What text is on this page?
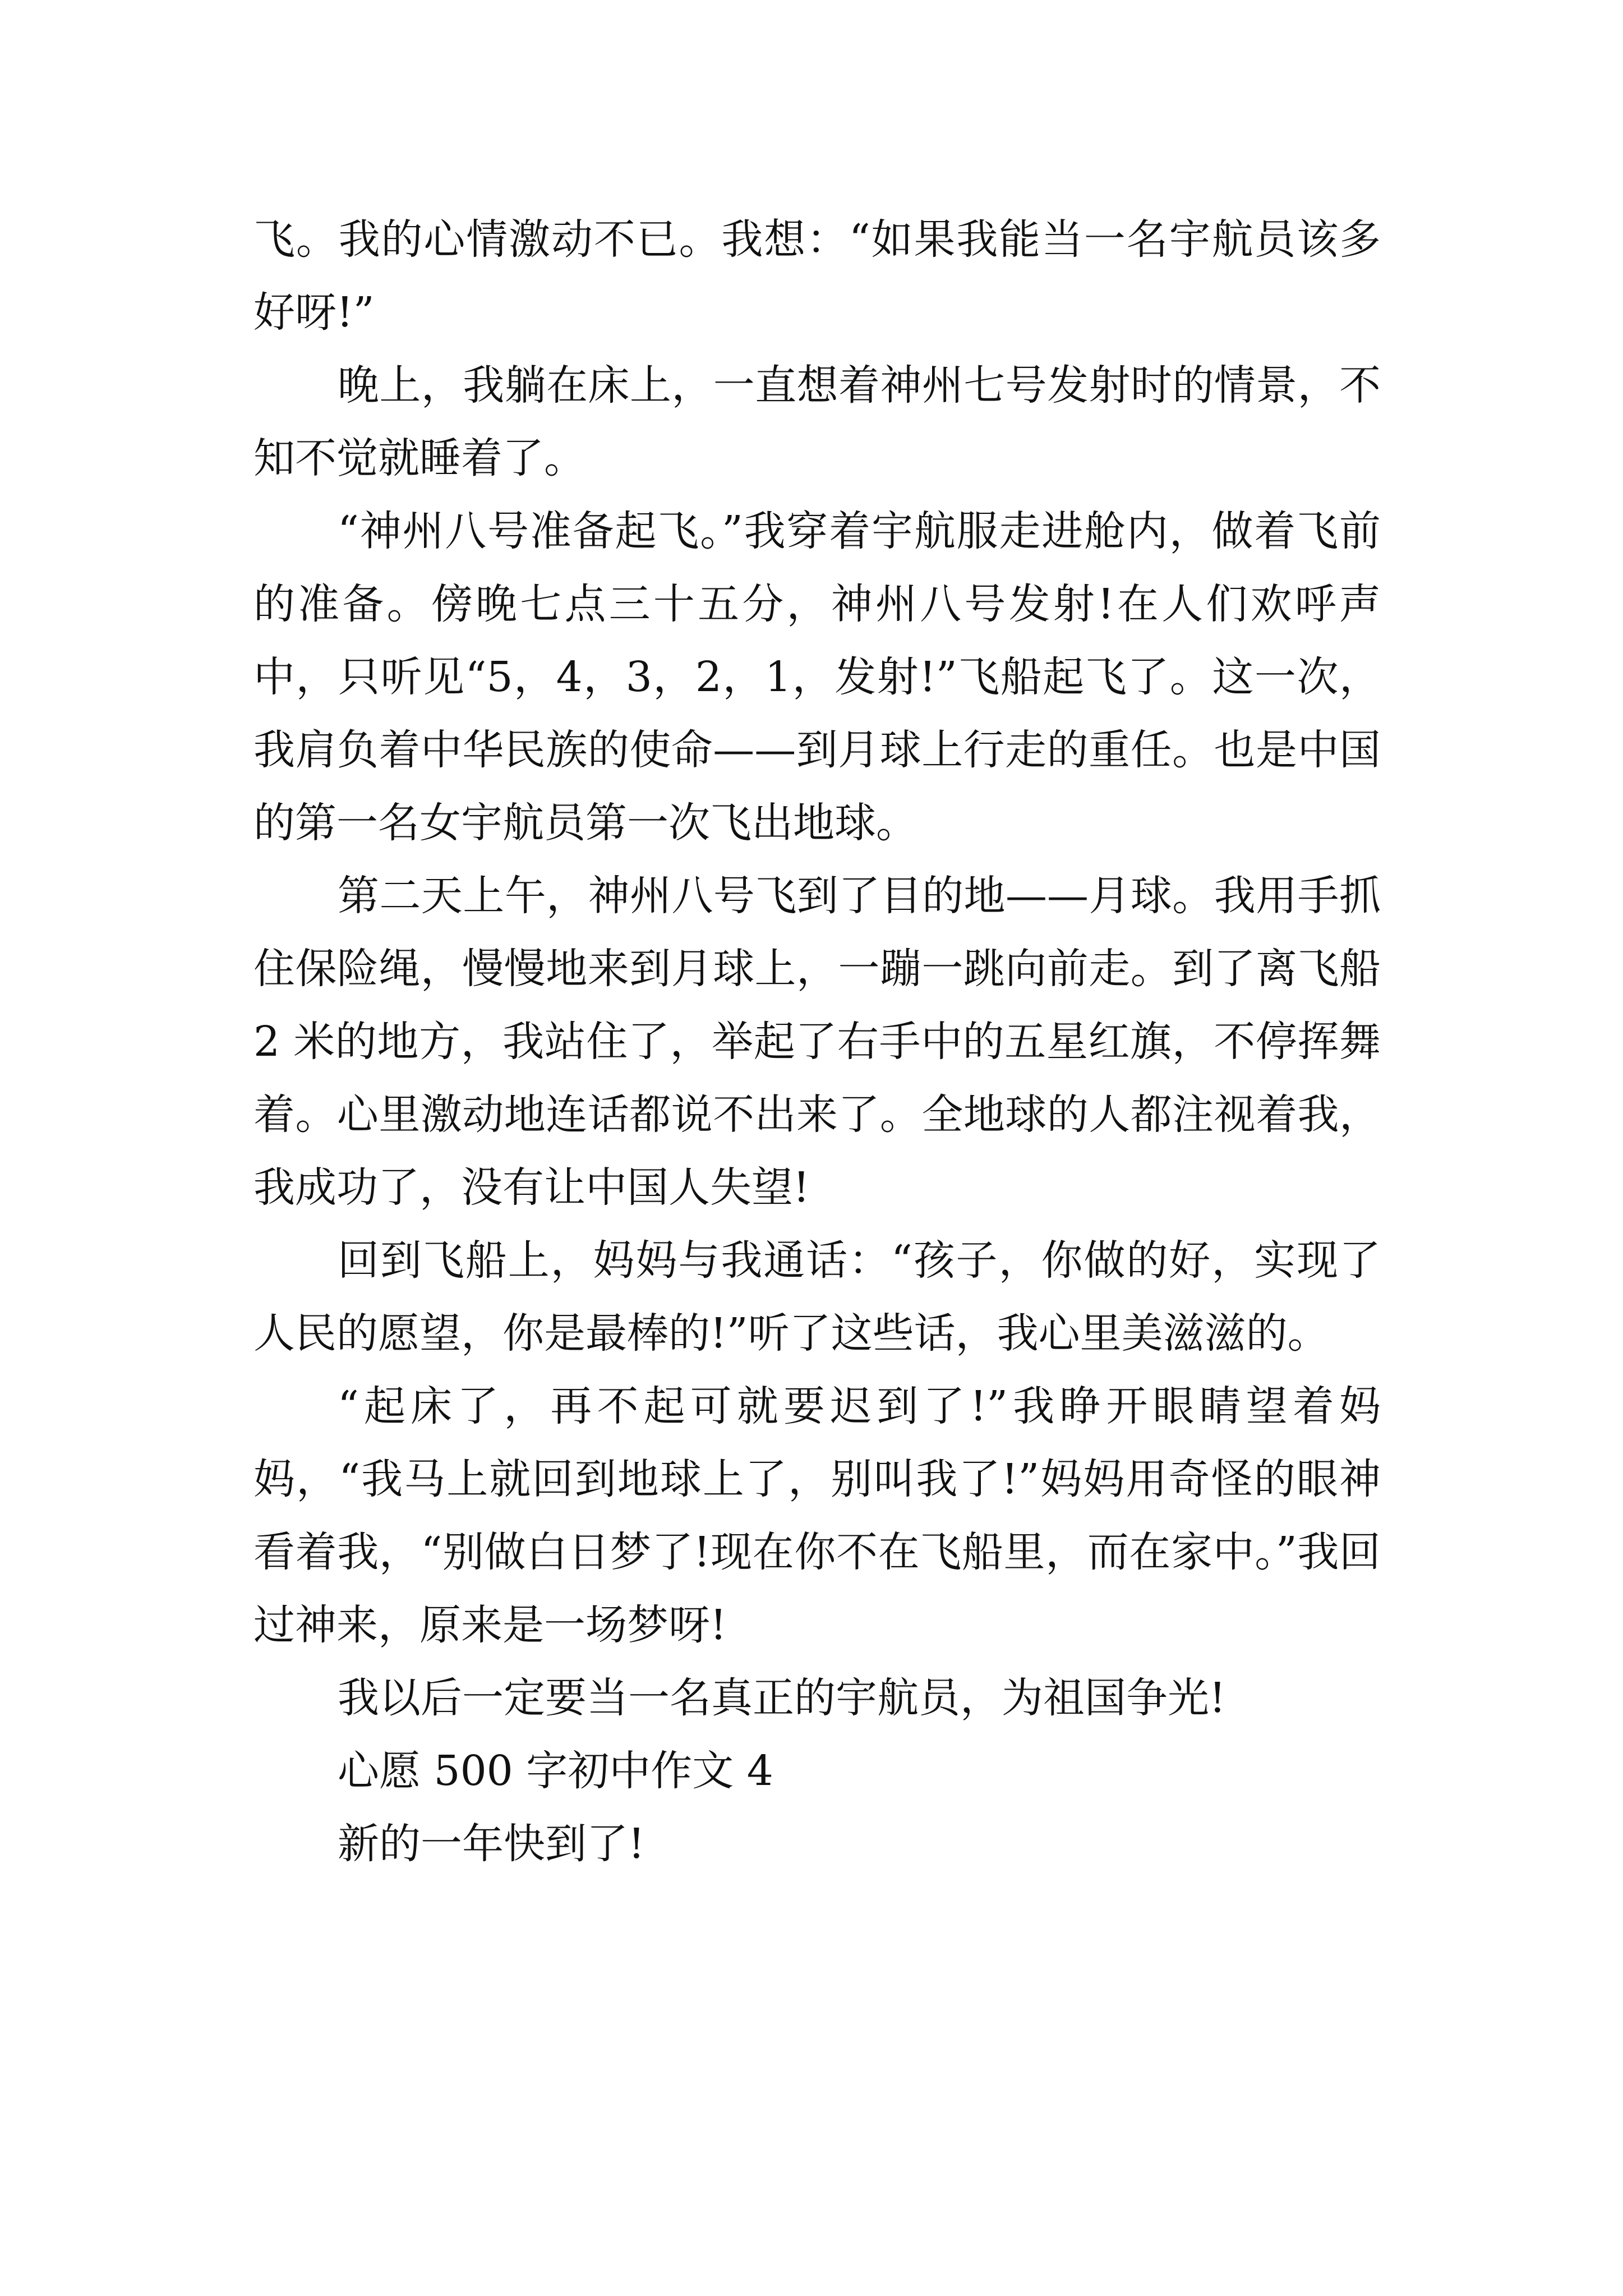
飞。我的心情激动不已。我想：“如果我能当一名宇航员该多好呀!”

晚上，我躺在床上，一直想着神州七号发射时的情景，不知不觉就睡着了。

“神州八号准备起飞。”我穿着宇航服走进舱内，做着飞前的准备。傍晚七点三十五分，神州八号发射!在人们欢呼声中，只听见“5，4，3，2，1，发射!”飞船起飞了。这一次，我肩负着中华民族的使命——到月球上行走的重任。也是中国的第一名女宇航员第一次飞出地球。

第二天上午，神州八号飞到了目的地——月球。我用手抓住保险绳，慢慢地来到月球上，一蹦一跳向前走。到了离飞船 2 米的地方，我站住了，举起了右手中的五星红旗，不停挥舞着。心里激动地连话都说不出来了。全地球的人都注视着我，我成功了，没有让中国人失望!

回到飞船上，妈妈与我通话：“孩子，你做的好，实现了人民的愿望，你是最棒的!”听了这些话，我心里美滋滋的。

“起床了，再不起可就要迟到了!”我睁开眼睛望着妈妈，“我马上就回到地球上了，别叫我了!”妈妈用奇怪的眼神看着我，“别做白日梦了!现在你不在飞船里，而在家中。”我回过神来，原来是一场梦呀!

我以后一定要当一名真正的宇航员，为祖国争光!

心愿 500 字初中作文 4

新的一年快到了!
